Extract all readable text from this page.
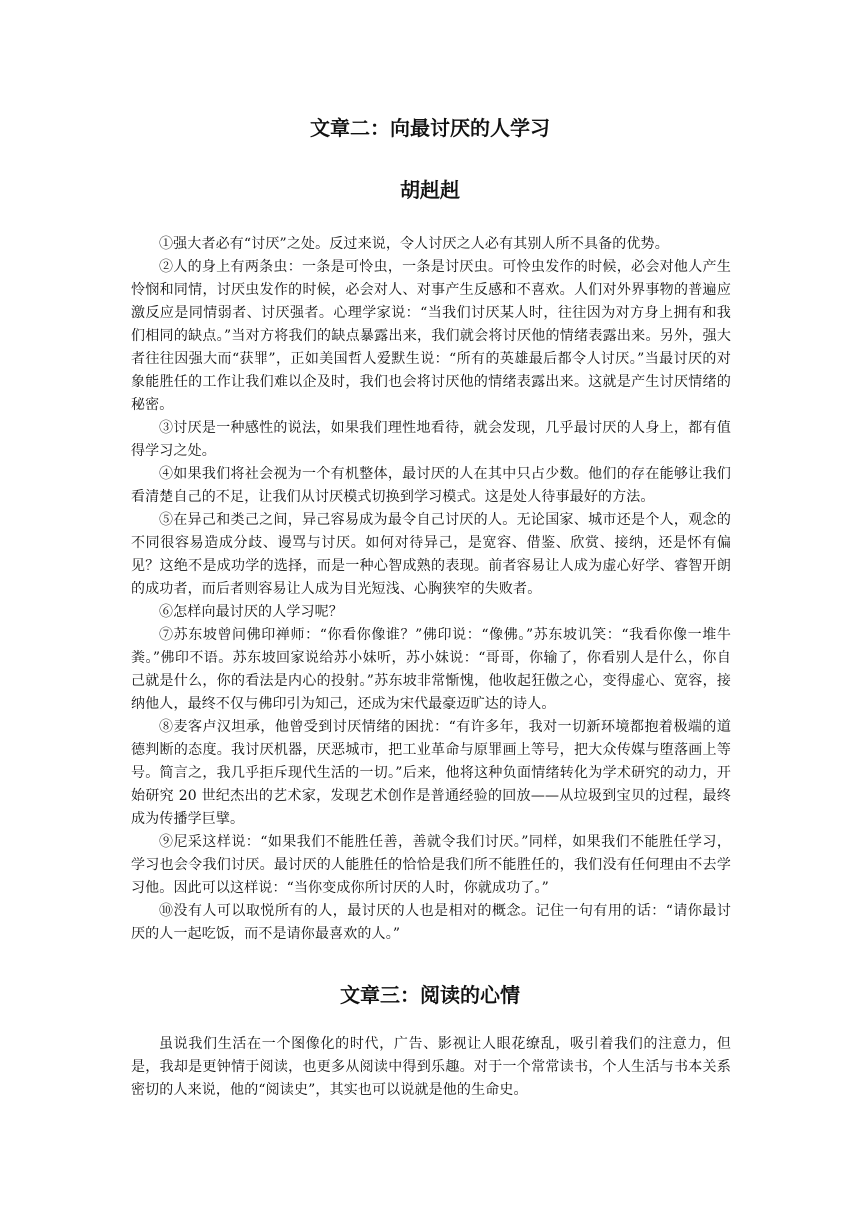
文章二：向最讨厌的人学习
胡赳赳

①强大者必有“讨厌”之处。反过来说，令人讨厌之人必有其别人所不具备的优势。

②人的身上有两条虫：一条是可怜虫，一条是讨厌虫。可怜虫发作的时候，必会对他人产生怜悯和同情，讨厌虫发作的时候，必会对人、对事产生反感和不喜欢。人们对外界事物的普遍应激反应是同情弱者、讨厌强者。心理学家说：“当我们讨厌某人时，往往因为对方身上拥有和我们相同的缺点。”当对方将我们的缺点暴露出来，我们就会将讨厌他的情绪表露出来。另外，强大者往往因强大而“获罪”，正如美国哲人爱默生说：“所有的英雄最后都令人讨厌。”当最讨厌的对象能胜任的工作让我们难以企及时，我们也会将讨厌他的情绪表露出来。这就是产生讨厌情绪的秘密。

③讨厌是一种感性的说法，如果我们理性地看待，就会发现，几乎最讨厌的人身上，都有值得学习之处。

④如果我们将社会视为一个有机整体，最讨厌的人在其中只占少数。他们的存在能够让我们看清楚自己的不足，让我们从讨厌模式切换到学习模式。这是处人待事最好的方法。

⑤在异己和类己之间，异己容易成为最令自己讨厌的人。无论国家、城市还是个人，观念的不同很容易造成分歧、谩骂与讨厌。如何对待异己，是宽容、借鉴、欣赏、接纳，还是怀有偏见？这绝不是成功学的选择，而是一种心智成熟的表现。前者容易让人成为虚心好学、睿智开朗的成功者，而后者则容易让人成为目光短浅、心胸狭窄的失败者。

⑥怎样向最讨厌的人学习呢？

⑦苏东坡曾问佛印禅师：“你看你像谁？”佛印说：“像佛。”苏东坡讥笑：“我看你像一堆牛粪。”佛印不语。苏东坡回家说给苏小妹听，苏小妹说：“哥哥，你输了，你看别人是什么，你自己就是什么，你的看法是内心的投射。”苏东坡非常惭愧，他收起狂傲之心，变得虚心、宽容，接纳他人，最终不仅与佛印引为知己，还成为宋代最豪迈旷达的诗人。

⑧麦客卢汉坦承，他曾受到讨厌情绪的困扰：“有许多年，我对一切新环境都抱着极端的道德判断的态度。我讨厌机器，厌恶城市，把工业革命与原罪画上等号，把大众传媒与堕落画上等号。简言之，我几乎拒斥现代生活的一切。”后来，他将这种负面情绪转化为学术研究的动力，开始研究 20 世纪杰出的艺术家，发现艺术创作是普通经验的回放——从垃圾到宝贝的过程，最终成为传播学巨擘。

⑨尼采这样说：“如果我们不能胜任善，善就令我们讨厌。”同样，如果我们不能胜任学习，学习也会令我们讨厌。最讨厌的人能胜任的恰恰是我们所不能胜任的，我们没有任何理由不去学习他。因此可以这样说：“当你变成你所讨厌的人时，你就成功了。”

⑩没有人可以取悦所有的人，最讨厌的人也是相对的概念。记住一句有用的话：“请你最讨厌的人一起吃饭，而不是请你最喜欢的人。”

文章三：阅读的心情

虽说我们生活在一个图像化的时代，广告、影视让人眼花缭乱，吸引着我们的注意力，但是，我却是更钟情于阅读，也更多从阅读中得到乐趣。对于一个常常读书，个人生活与书本关系密切的人来说，他的“阅读史”，其实也可以说就是他的生命史。
